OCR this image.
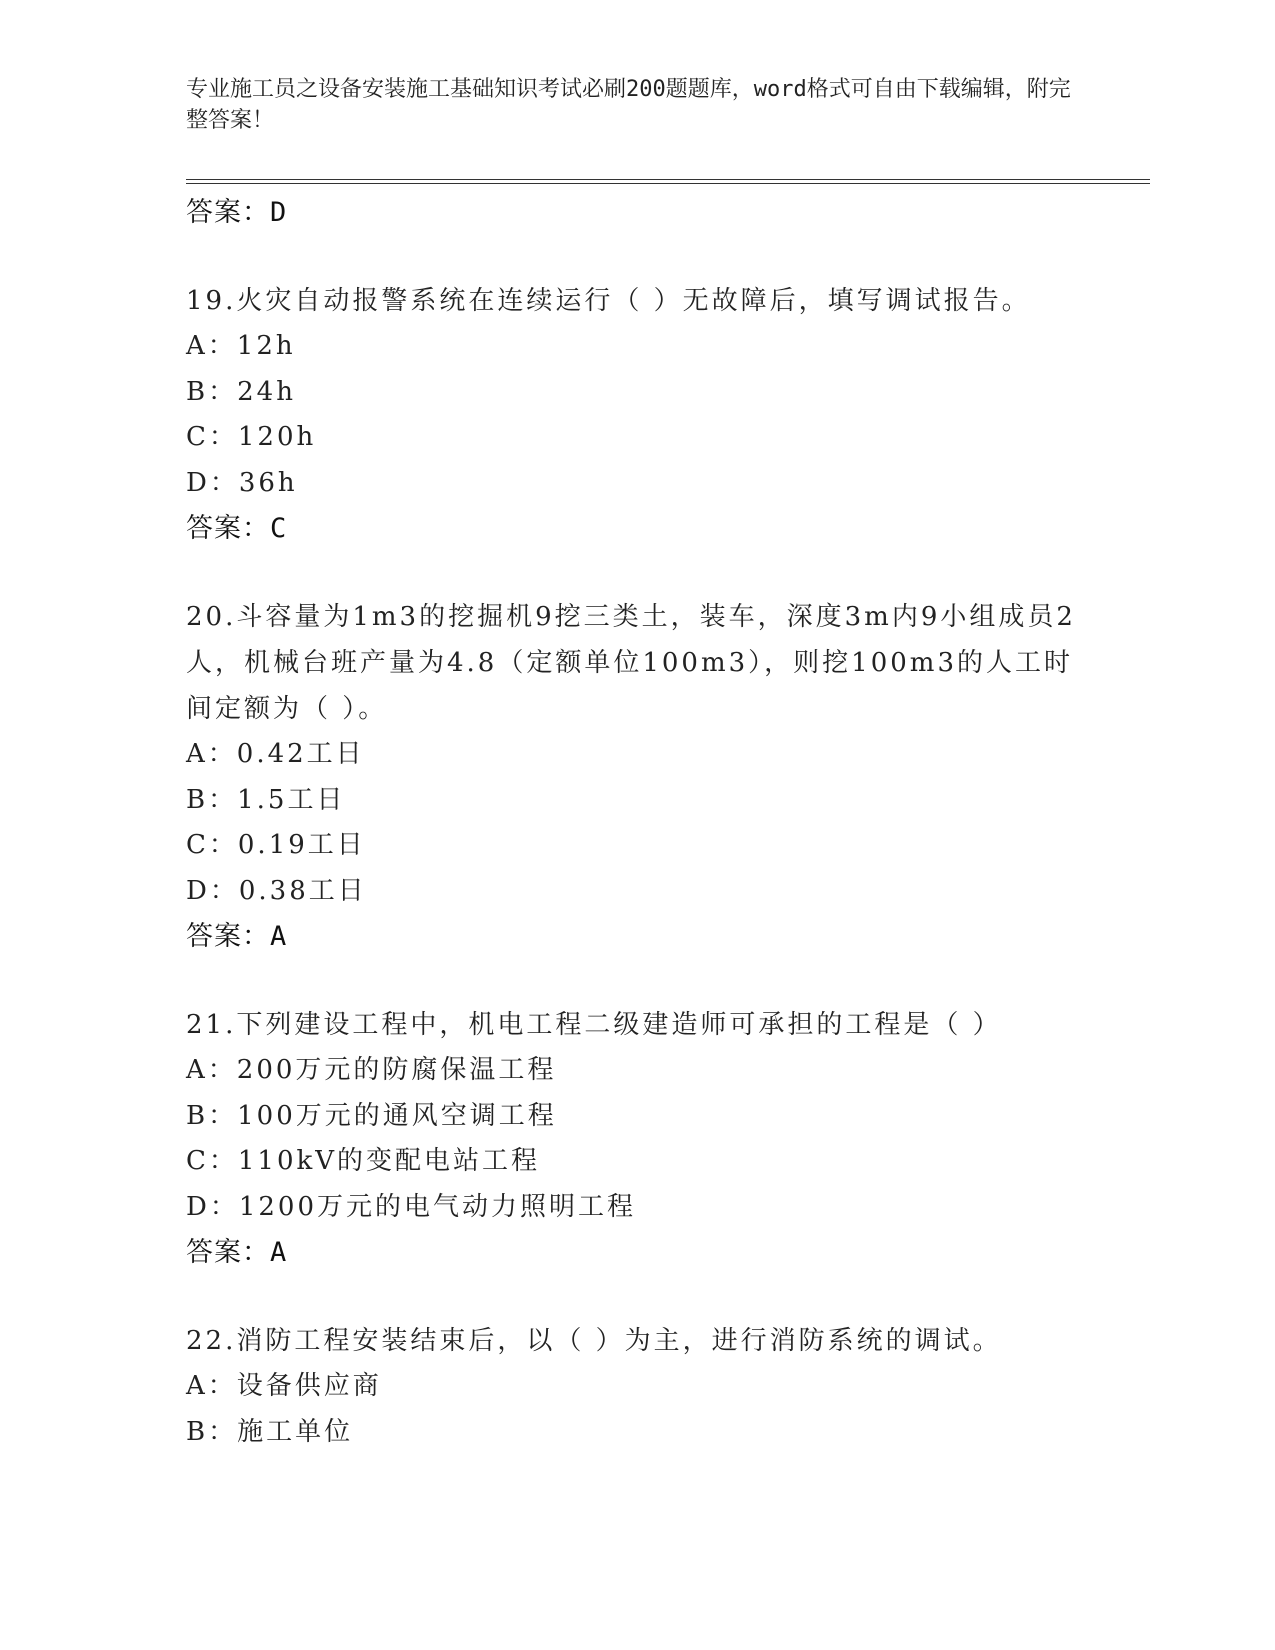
专业施工员之设备安装施工基础知识考试必刷200题题库，word格式可自由下载编辑，附完整答案！
答案：D
19.火灾自动报警系统在连续运行（ ）无故障后，填写调试报告。
A：12h
B：24h
C：120h
D：36h
答案：C
20.斗容量为1m3的挖掘机9挖三类土，装车，深度3m内9小组成员2人，机械台班产量为4.8（定额单位100m3），则挖100m3的人工时间定额为（ ）。
A：0.42工日
B：1.5工日
C：0.19工日
D：0.38工日
答案：A
21.下列建设工程中，机电工程二级建造师可承担的工程是（ ）
A：200万元的防腐保温工程
B：100万元的通风空调工程
C：110kV的变配电站工程
D：1200万元的电气动力照明工程
答案：A
22.消防工程安装结束后，以（ ）为主，进行消防系统的调试。
A：设备供应商
B：施工单位
